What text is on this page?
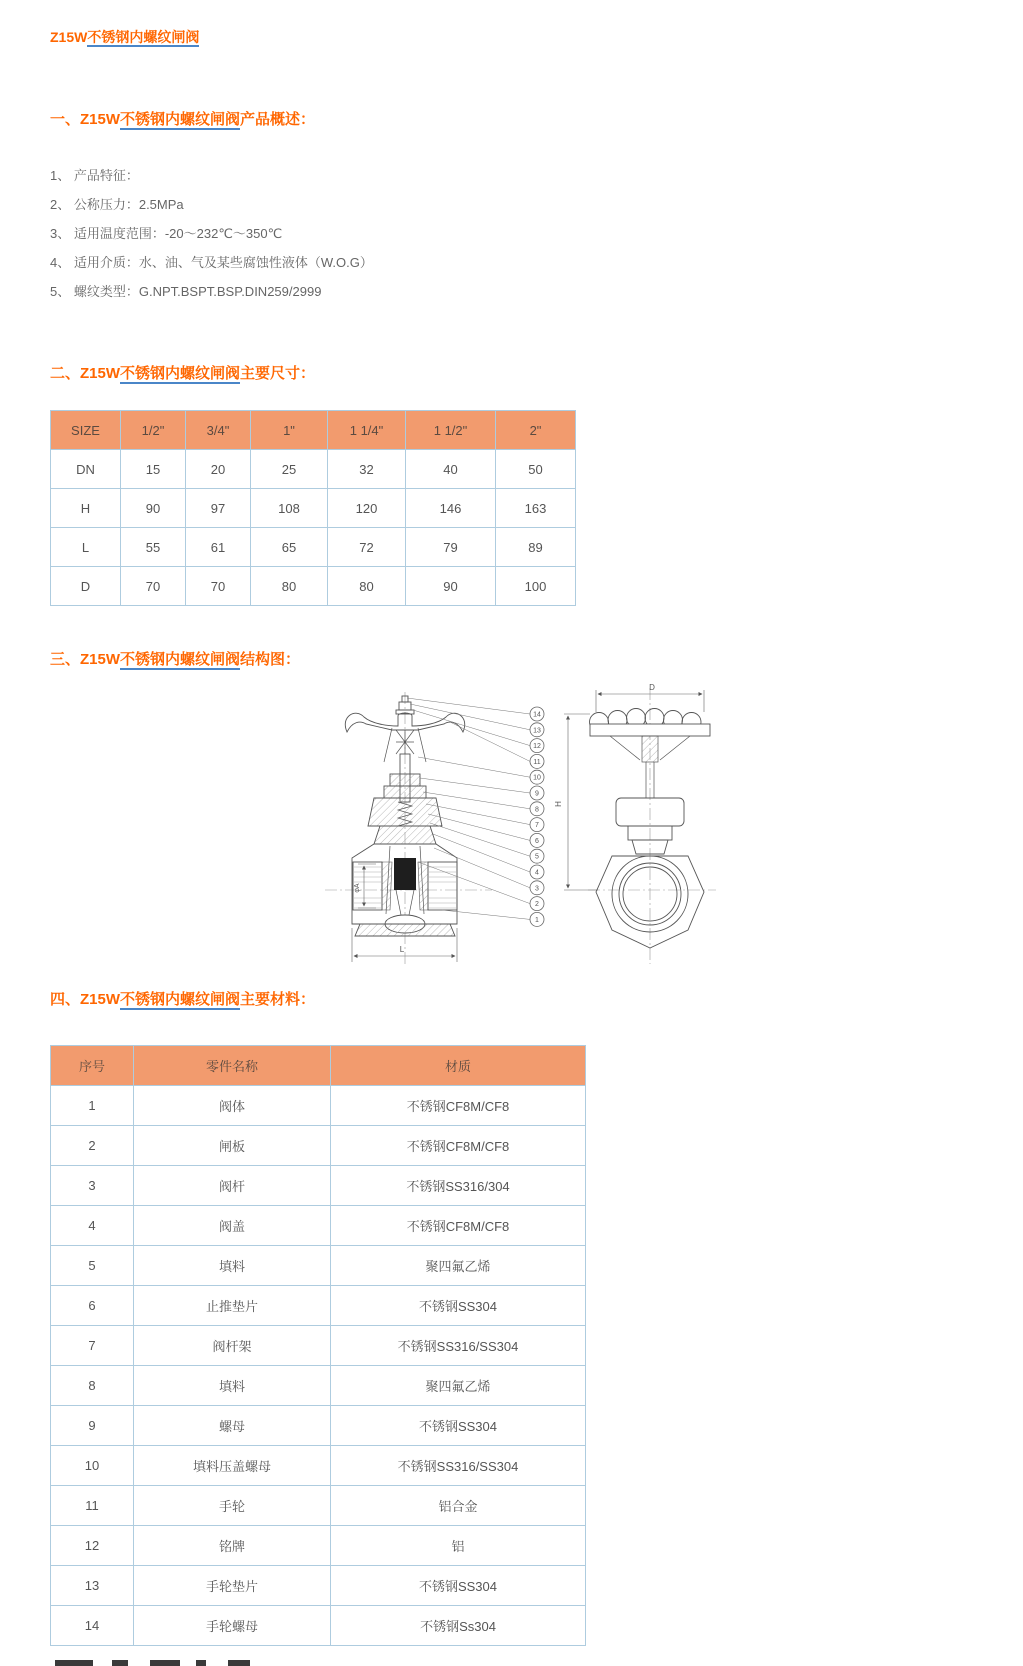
Z15W不锈钢内螺纹闸阀
一、Z15W不锈钢内螺纹闸阀产品概述：
1、 产品特征：
2、 公称压力：2.5MPa
3、 适用温度范围：-20～232℃～350℃
4、 适用介质：水、油、气及某些腐蚀性液体（W.O.G）
5、 螺纹类型：G.NPT.BSPT.BSP.DIN259/2999
二、Z15W不锈钢内螺纹闸阀主要尺寸：
SIZE	1/2"	3/4"	1"	1 1/4"	1 1/2"	2"
DN	15	20	25	32	40	50
H	90	97	108	120	146	163
L	55	61	65	72	79	89
D	70	70	80	80	90	100
三、Z15W不锈钢内螺纹闸阀结构图：
φA
L
14
13
12
11
10
9
8
7
6
5
4
3
2
1
D
H
四、Z15W不锈钢内螺纹闸阀主要材料：
序号	零件名称	材质
1	阀体	不锈钢CF8M/CF8
2	闸板	不锈钢CF8M/CF8
3	阀杆	不锈钢SS316/304
4	阀盖	不锈钢CF8M/CF8
5	填料	聚四氟乙烯
6	止推垫片	不锈钢SS304
7	阀杆架	不锈钢SS316/SS304
8	填料	聚四氟乙烯
9	螺母	不锈钢SS304
10	填料压盖螺母	不锈钢SS316/SS304
11	手轮	铝合金
12	铭牌	铝
13	手轮垫片	不锈钢SS304
14	手轮螺母	不锈钢Ss304
